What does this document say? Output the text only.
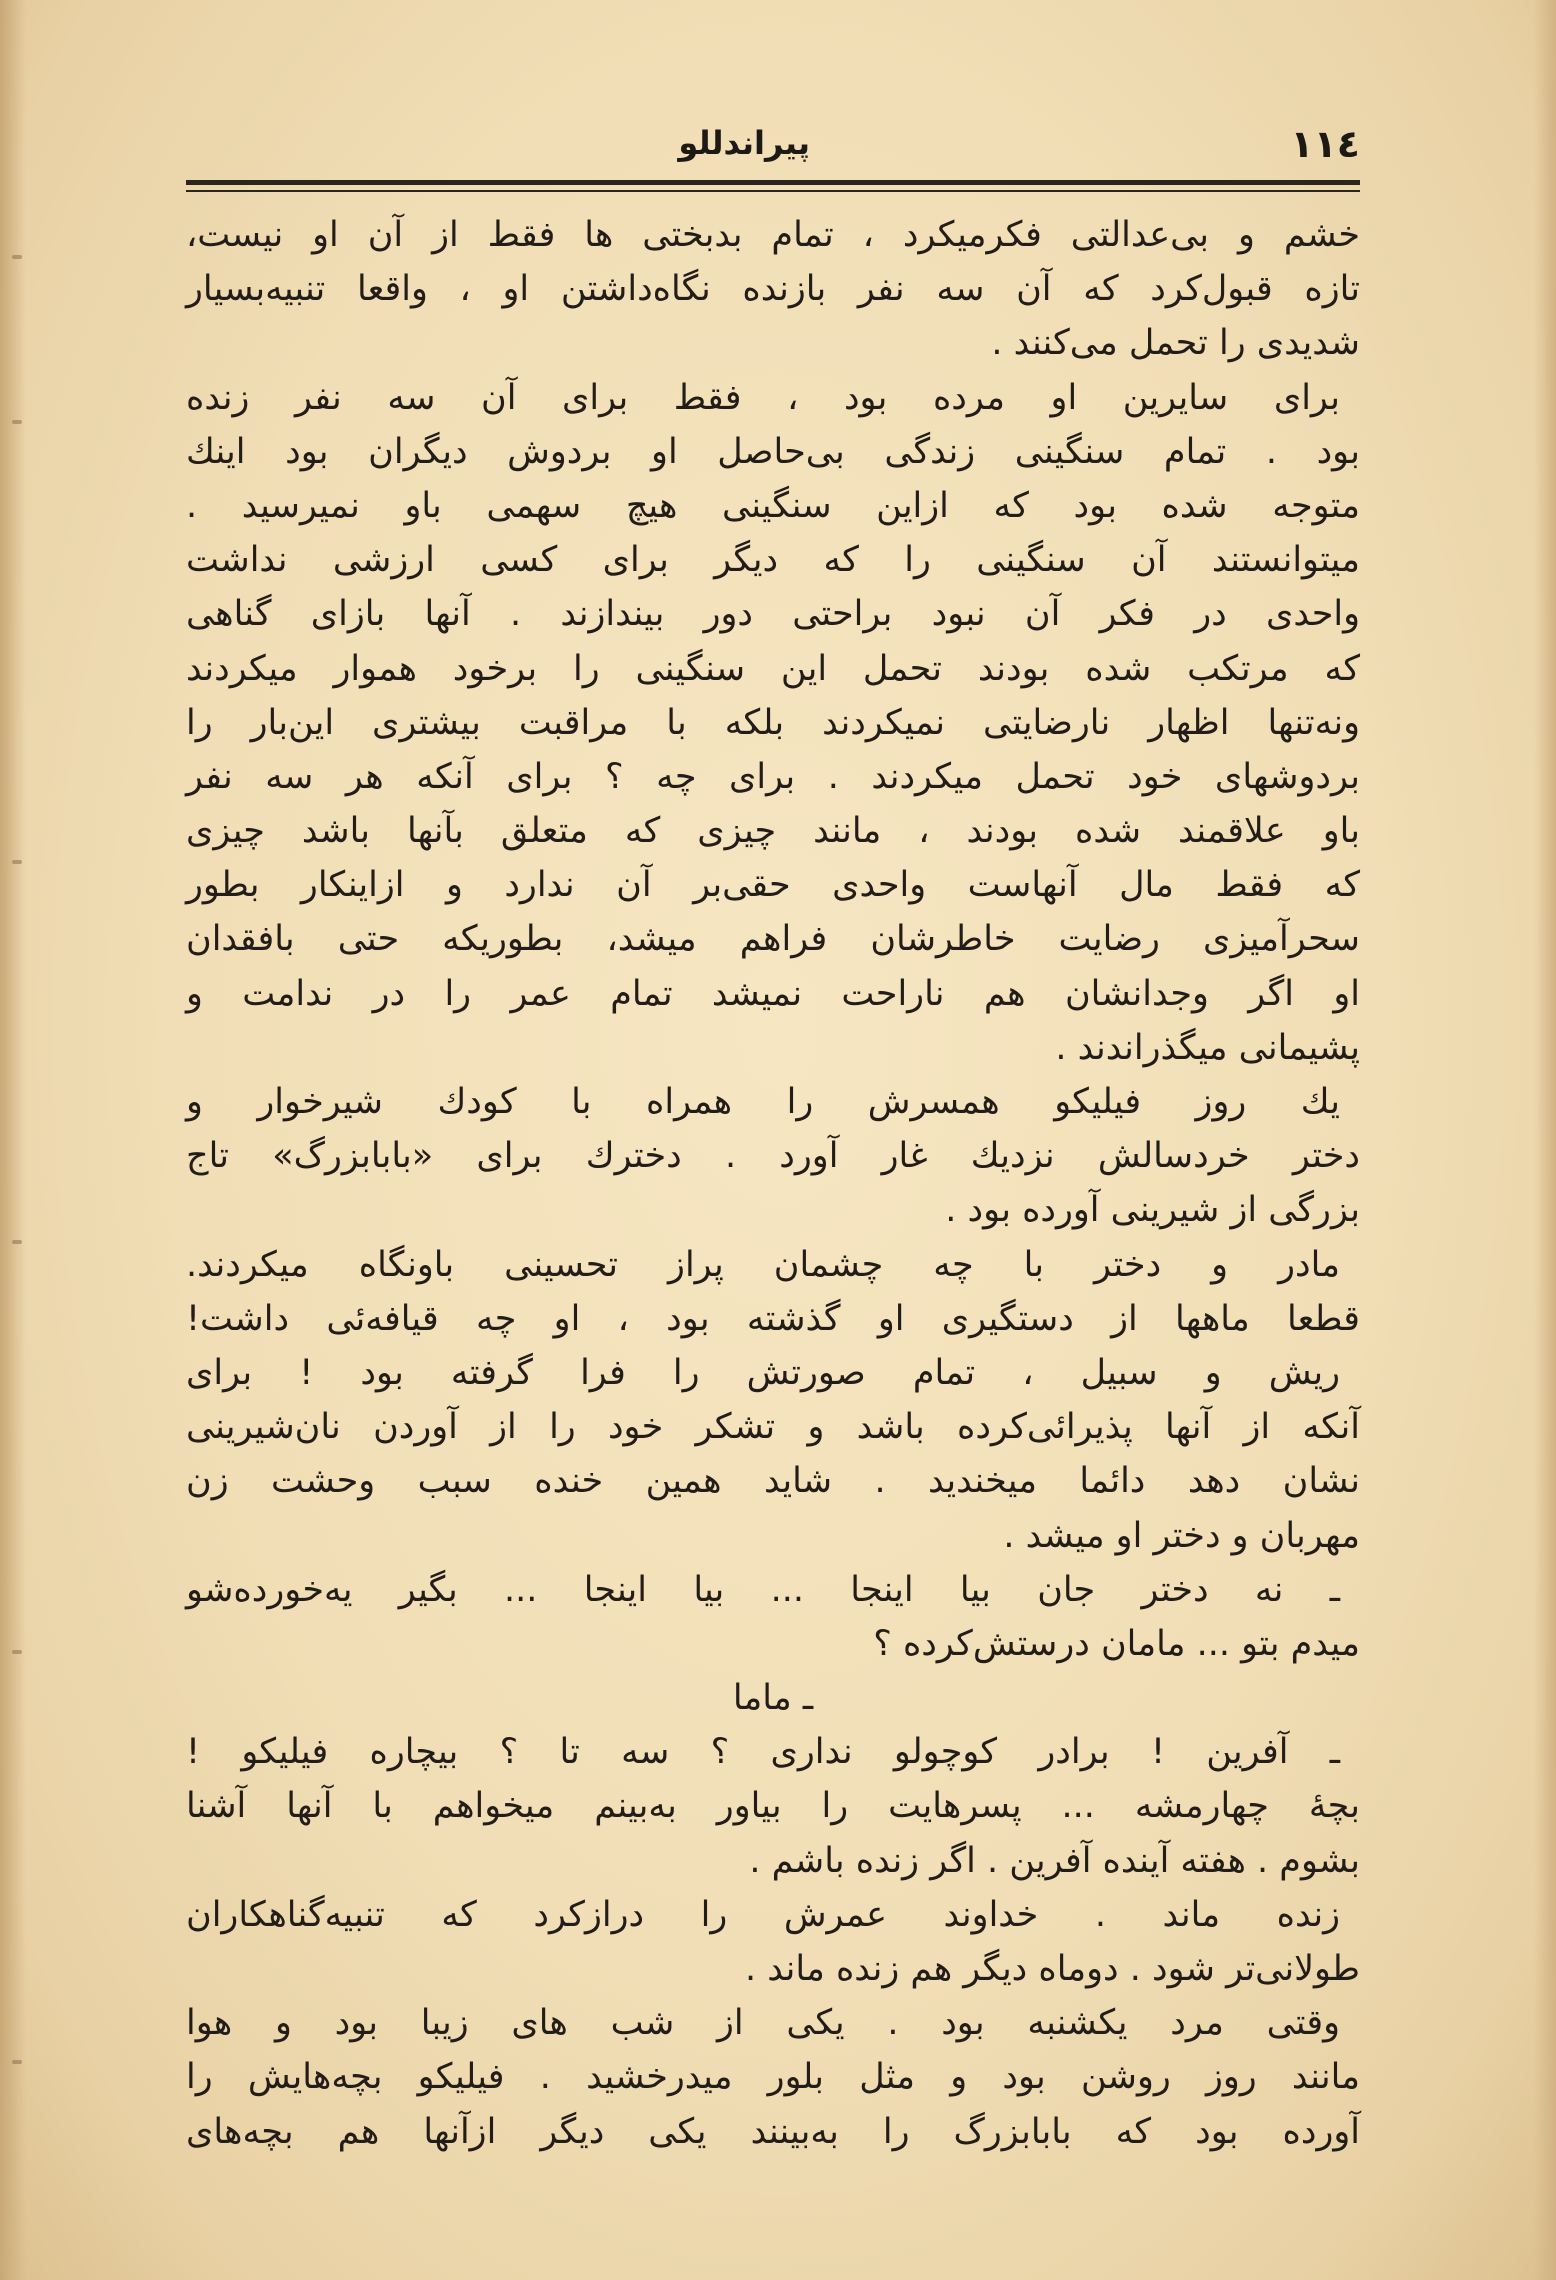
۱۱٤
پيراندللو
خشم و بی‌عدالتی فکرمیکرد ، تمام بدبختی ها فقط از آن او نیست،
تازه قبول‌کرد که آن سه نفر بازنده نگاه‌داشتن او ، واقعا تنبیه‌بسیار
شدیدی را تحمل می‌کنند .
برای سایرین او مرده بود ، فقط برای آن سه نفر زنده
بود . تمام سنگینی زندگی بی‌حاصل او بردوش دیگران بود اینك
متوجه شده بود که ازاین سنگینی هیچ سهمی باو نمیرسید .
میتوانستند آن سنگینی را که دیگر برای کسی ارزشی نداشت
واحدی در فکر آن نبود براحتی دور بیندازند . آنها بازای گناهی
که مرتکب شده بودند تحمل این سنگینی را برخود هموار میکردند
ونه‌تنها اظهار نارضایتی نمیکردند بلکه با مراقبت بیشتری این‌بار را
بردوشهای خود تحمل میکردند . برای چه ؟ برای آنکه هر سه نفر
باو علاقمند شده بودند ، مانند چیزی که متعلق بآنها باشد چیزی
که فقط مال آنهاست واحدی حقی‌بر آن ندارد و ازاینکار بطور
سحرآمیزی رضایت خاطرشان فراهم میشد، بطوریکه حتی بافقدان
او اگر وجدانشان هم ناراحت نمیشد تمام عمر را در ندامت و
پشیمانی میگذراندند .
یك روز فیلیکو همسرش را همراه با کودك شیرخوار و
دختر خردسالش نزدیك غار آورد . دخترك برای «بابابزرگ» تاج
بزرگی از شیرینی آورده بود .
مادر و دختر با چه چشمان پراز تحسینی باونگاه میکردند.
قطعا ماهها از دستگیری او گذشته بود ، او چه قیافه‌ئی داشت!
ریش و سبیل ، تمام صورتش را فرا گرفته بود ! برای
آنکه از آنها پذیرائی‌کرده باشد و تشکر خود را از آوردن نان‌شیرینی
نشان دهد دائما میخندید . شاید همین خنده سبب وحشت زن
مهربان و دختر او میشد .
ـ نه دختر جان بیا اینجا ... بیا اینجا ... بگیر یه‌خورده‌شو
میدم بتو ... مامان درستش‌کرده ؟
ـ ماما
ـ آفرین ! برادر کوچولو نداری ؟ سه تا ؟ بیچاره فیلیکو !
بچهٔ چهارمشه ... پسرهایت را بیاور به‌بینم میخواهم با آنها آشنا
بشوم . هفته آینده آفرین . اگر زنده باشم .
زنده ماند . خداوند عمرش را درازکرد که تنبیه‌گناهکاران
طولانی‌تر شود . دوماه دیگر هم زنده ماند .
وقتی مرد یکشنبه بود . یکی از شب های زیبا بود و هوا
مانند روز روشن بود و مثل بلور میدرخشید . فیلیکو بچه‌هایش را
آورده بود که بابابزرگ را به‌بینند یکی دیگر ازآنها هم بچه‌های
